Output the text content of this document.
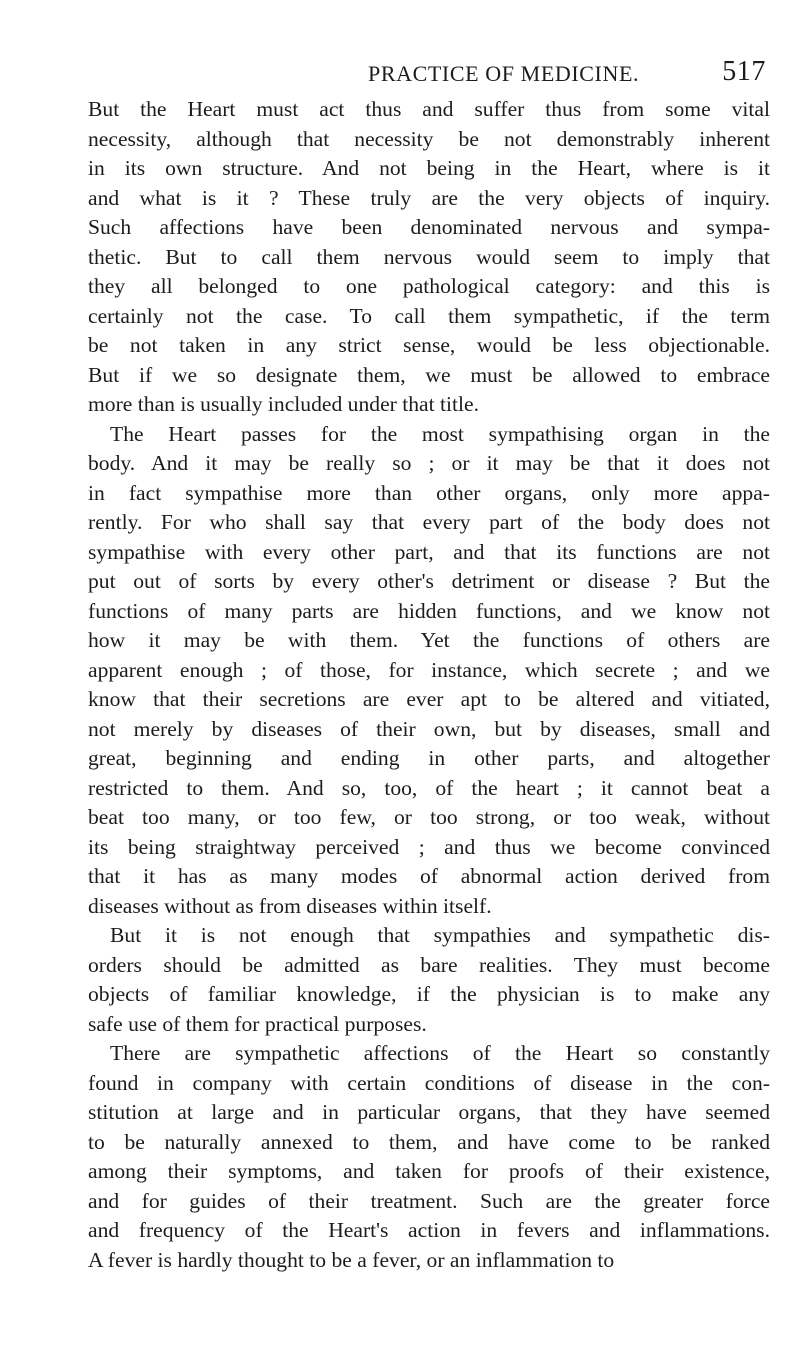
PRACTICE OF MEDICINE.	517
But the Heart must act thus and suffer thus from some vital
necessity, although that necessity be not demonstrably inherent
in its own structure. And not being in the Heart, where is it
and what is it ? These truly are the very objects of inquiry.
Such affections have been denominated nervous and sympa-
thetic. But to call them nervous would seem to imply that
they all belonged to one pathological category: and this is
certainly not the case. To call them sympathetic, if the term
be not taken in any strict sense, would be less objectionable.
But if we so designate them, we must be allowed to embrace
more than is usually included under that title.
The Heart passes for the most sympathising organ in the
body. And it may be really so ; or it may be that it does not
in fact sympathise more than other organs, only more appa-
rently. For who shall say that every part of the body does not
sympathise with every other part, and that its functions are not
put out of sorts by every other's detriment or disease ? But the
functions of many parts are hidden functions, and we know not
how it may be with them. Yet the functions of others are
apparent enough ; of those, for instance, which secrete ; and we
know that their secretions are ever apt to be altered and vitiated,
not merely by diseases of their own, but by diseases, small and
great, beginning and ending in other parts, and altogether
restricted to them. And so, too, of the heart ; it cannot beat a
beat too many, or too few, or too strong, or too weak, without
its being straightway perceived ; and thus we become convinced
that it has as many modes of abnormal action derived from
diseases without as from diseases within itself.
But it is not enough that sympathies and sympathetic dis-
orders should be admitted as bare realities. They must become
objects of familiar knowledge, if the physician is to make any
safe use of them for practical purposes.
There are sympathetic affections of the Heart so constantly
found in company with certain conditions of disease in the con-
stitution at large and in particular organs, that they have seemed
to be naturally annexed to them, and have come to be ranked
among their symptoms, and taken for proofs of their existence,
and for guides of their treatment. Such are the greater force
and frequency of the Heart's action in fevers and inflammations.
A fever is hardly thought to be a fever, or an inflammation to
